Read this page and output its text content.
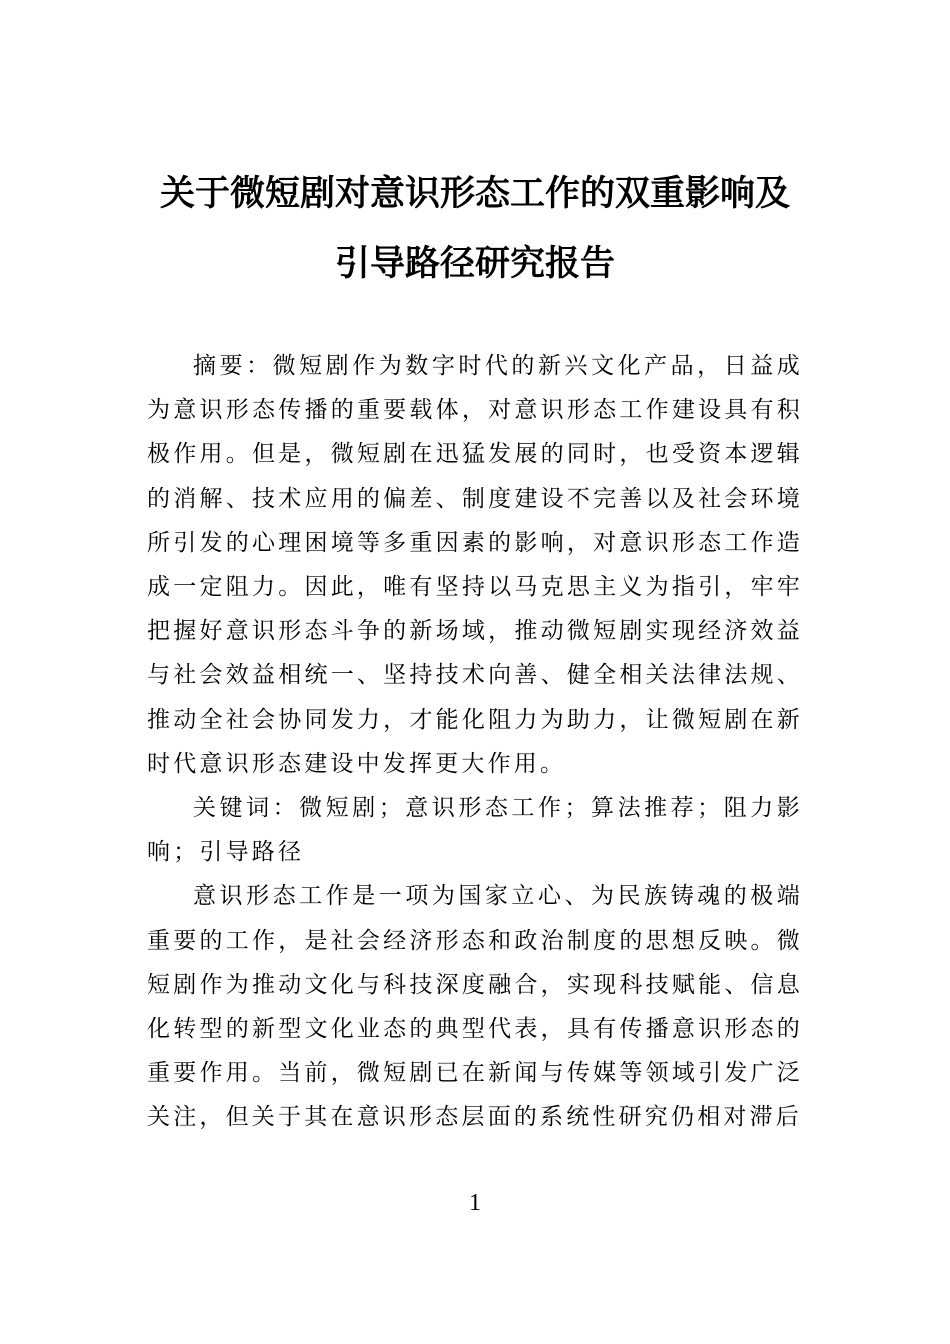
关于微短剧对意识形态工作的双重影响及
引导路径研究报告

摘要：微短剧作为数字时代的新兴文化产品，日益成为意识形态传播的重要载体，对意识形态工作建设具有积极作用。但是，微短剧在迅猛发展的同时，也受资本逻辑的消解、技术应用的偏差、制度建设不完善以及社会环境所引发的心理困境等多重因素的影响，对意识形态工作造成一定阻力。因此，唯有坚持以马克思主义为指引，牢牢把握好意识形态斗争的新场域，推动微短剧实现经济效益与社会效益相统一、坚持技术向善、健全相关法律法规、推动全社会协同发力，才能化阻力为助力，让微短剧在新时代意识形态建设中发挥更大作用。

关键词：微短剧；意识形态工作；算法推荐；阻力影响；引导路径

意识形态工作是一项为国家立心、为民族铸魂的极端重要的工作，是社会经济形态和政治制度的思想反映。微短剧作为推动文化与科技深度融合，实现科技赋能、信息化转型的新型文化业态的典型代表，具有传播意识形态的重要作用。当前，微短剧已在新闻与传媒等领域引发广泛关注，但关于其在意识形态层面的系统性研究仍相对滞后

1
